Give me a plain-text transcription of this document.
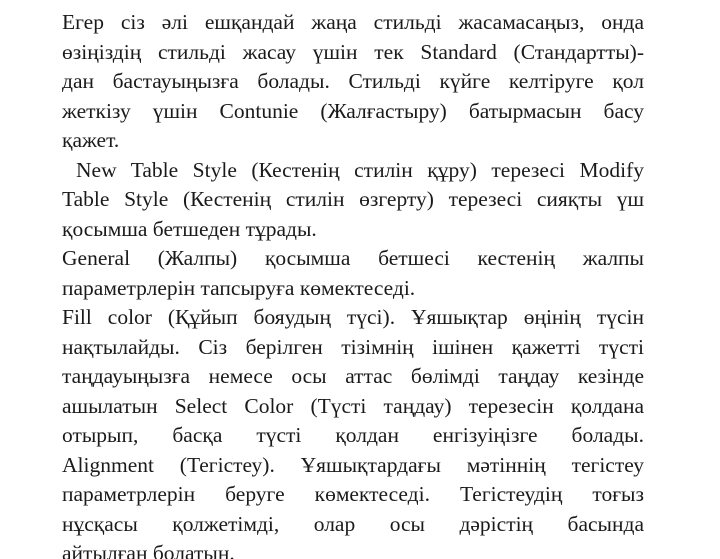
Егер сіз әлі ешқандай жаңа стильді жасамасаңыз, онда
өзіңіздің стильді жасау үшін тек Standard (Стандартты)-
дан бастауыңызға болады. Стильді күйге келтіруге қол
жеткізу үшін Contunie (Жалғастыру) батырмасын басу
қажет.
New Table Style (Кестенің стилін құру) терезесі Modify
Table Style (Кестенің стилін өзгерту) терезесі сияқты үш
қосымша бетшеден тұрады.
General (Жалпы) қосымша бетшесі кестенің жалпы
параметрлерін тапсыруға көмектеседі.
Fill color (Құйып бояудың түсі). Ұяшықтар өңінің түсін
нақтылайды. Сіз берілген тізімнің ішінен қажетті түсті
таңдауыңызға немесе осы аттас бөлімді таңдау кезінде
ашылатын Select Color (Түсті таңдау) терезесін қолдана
отырып, басқа түсті қолдан енгізуіңізге болады.
Alignment (Тегістеу). Ұяшықтардағы мәтіннің тегістеу
параметрлерін беруге көмектеседі. Тегістеудің тоғыз
нұсқасы қолжетімді, олар осы дәрістің басында
айтылған болатын.
